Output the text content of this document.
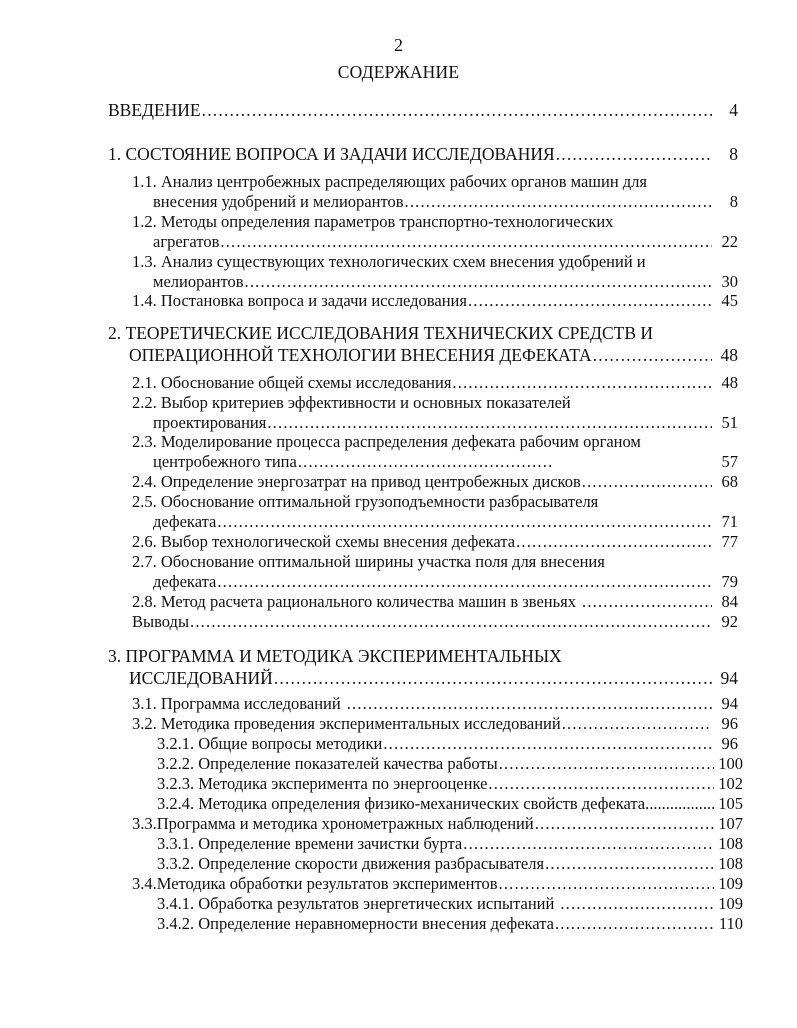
2
СОДЕРЖАНИЕ
ВВЕДЕНИЕ .....	4
1. СОСТОЯНИЕ ВОПРОСА И ЗАДАЧИ ИССЛЕДОВАНИЯ .....	8
1.1. Анализ центробежных распределяющих рабочих органов машин для
внесения удобрений и мелиорантов .....	8
1.2. Методы определения параметров транспортно-технологических
агрегатов .....	22
1.3. Анализ существующих технологических схем внесения удобрений и
мелиорантов .....	30
1.4. Постановка вопроса и задачи исследования .....	45
2. ТЕОРЕТИЧЕСКИЕ ИССЛЕДОВАНИЯ ТЕХНИЧЕСКИХ СРЕДСТВ И
ОПЕРАЦИОННОЙ ТЕХНОЛОГИИ ВНЕСЕНИЯ ДЕФЕКАТА .....	48
2.1. Обоснование общей схемы исследования .....	48
2.2. Выбор критериев эффективности и основных показателей
проектирования .....	51
2.3. Моделирование процесса распределения дефеката рабочим органом
центробежного типа .....	57
2.4. Определение энергозатрат на привод центробежных дисков .....	68
2.5. Обоснование оптимальной грузоподъемности разбрасывателя
дефеката .....	71
2.6. Выбор технологической схемы внесения дефеката .....	77
2.7. Обоснование оптимальной ширины участка поля для внесения
дефеката .....	79
2.8. Метод расчета рационального количества машин в звеньях .....	84
Выводы .....	92
3. ПРОГРАММА И МЕТОДИКА ЭКСПЕРИМЕНТАЛЬНЫХ
ИССЛЕДОВАНИЙ .....	94
3.1. Программа исследований .....	94
3.2. Методика проведения экспериментальных исследований .....	96
3.2.1. Общие вопросы методики .....	96
3.2.2. Определение показателей качества работы .....	100
3.2.3. Методика эксперимента по энергооценке .....	102
3.2.4. Методика определения физико-механических свойств дефеката .....	105
3.3.Программа и методика хронометражных наблюдений .....	107
3.3.1. Определение времени зачистки бурта .....	108
3.3.2. Определение скорости движения разбрасывателя .....	108
3.4.Методика обработки результатов экспериментов .....	109
3.4.1. Обработка результатов энергетических испытаний .....	109
3.4.2. Определение неравномерности внесения дефеката .....	110
